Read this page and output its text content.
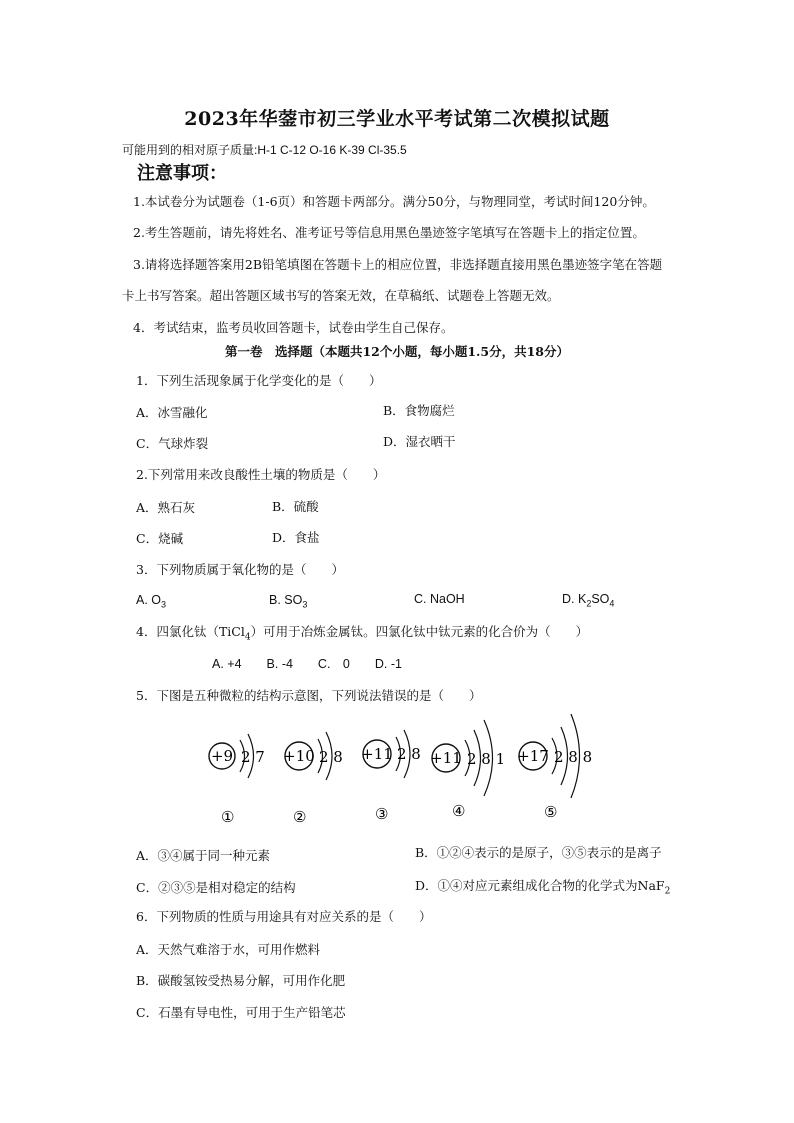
2023年华蓥市初三学业水平考试第二次模拟试题
可能用到的相对原子质量:H-1 C-12 O-16 K-39 Cl-35.5
注意事项：
1.本试卷分为试题卷（1-6页）和答题卡两部分。满分50分，与物理同堂，考试时间120分钟。
2.考生答题前，请先将姓名、准考证号等信息用黑色墨迹签字笔填写在答题卡上的指定位置。
3.请将选择题答案用2B铅笔填图在答题卡上的相应位置，非选择题直接用黑色墨迹签字笔在答题
卡上书写答案。超出答题区域书写的答案无效，在草稿纸、试题卷上答题无效。
4．考试结束，监考员收回答题卡，试卷由学生自己保存。
第一卷　选择题（本题共12个小题，每小题1.5分，共18分）
1．下列生活现象属于化学变化的是（　　）
A．冰雪融化	B．食物腐烂
C．气球炸裂	D．湿衣晒干
2.下列常用来改良酸性土壤的物质是（　　）
A．熟石灰	B．硫酸
C．烧碱	D．食盐
3．下列物质属于氧化物的是（　　）
A. $O_3$	B. $SO_3$	C. NaOH	D. $K_2SO_4$
4．四氯化钛（TiCl$_4$）可用于冶炼金属钛。四氯化钛中钛元素的化合价为（　　）
A. +4　　B. -4　　C.　0　　D. -1
5．下图是五种微粒的结构示意图，下列说法错误的是（　　）
+9 2 7
①
+10 2 8
②
+11 2 8
③
+11 2 8 1
④
+17 2 8 8
⑤
A．③④属于同一种元素	B．①②④表示的是原子，③⑤表示的是离子
C．②③⑤是相对稳定的结构	D．①④对应元素组成化合物的化学式为NaF$_2$
6．下列物质的性质与用途具有对应关系的是（　　）
A．天然气难溶于水，可用作燃料
B．碳酸氢铵受热易分解，可用作化肥
C．石墨有导电性，可用于生产铅笔芯
